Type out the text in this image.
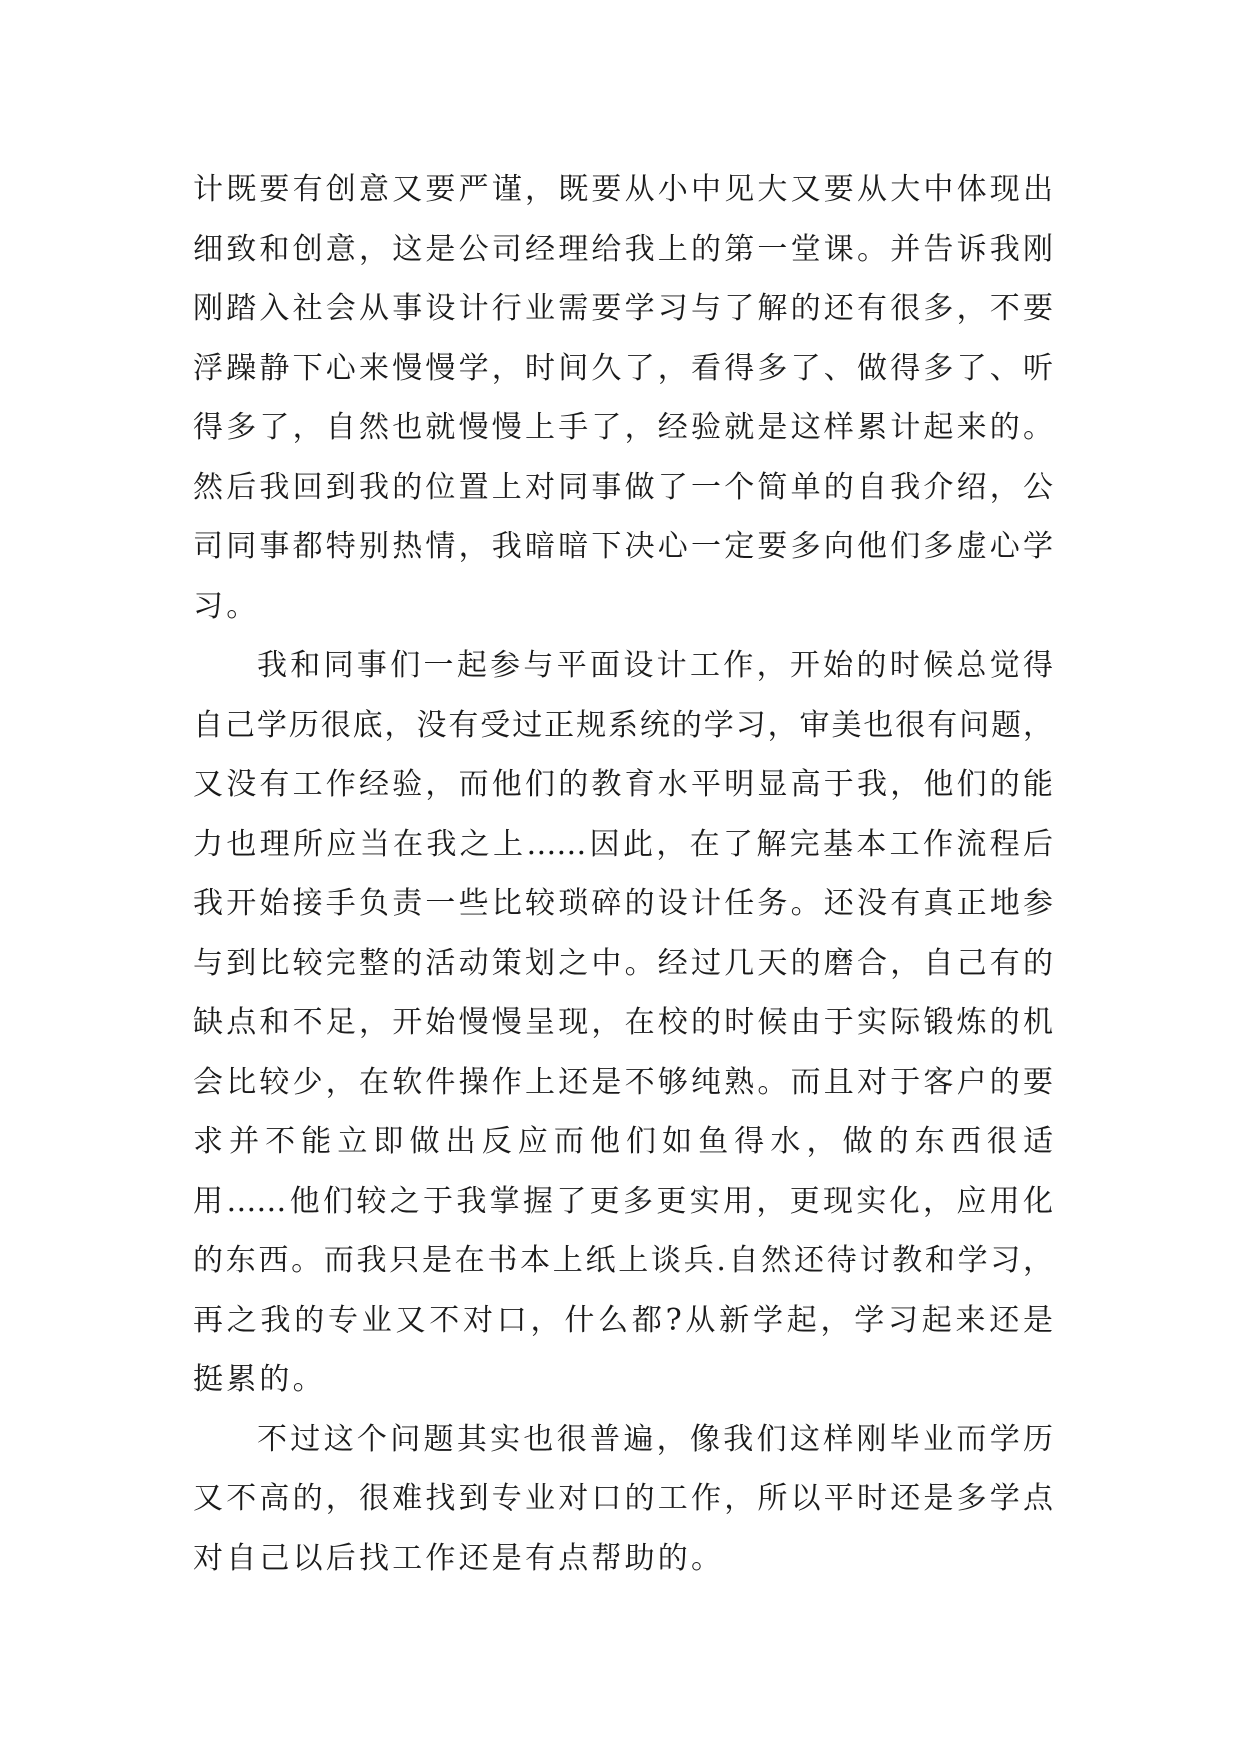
计既要有创意又要严谨，既要从小中见大又要从大中体现出
细致和创意，这是公司经理给我上的第一堂课。并告诉我刚
刚踏入社会从事设计行业需要学习与了解的还有很多，不要
浮躁静下心来慢慢学，时间久了，看得多了、做得多了、听
得多了，自然也就慢慢上手了，经验就是这样累计起来的。
然后我回到我的位置上对同事做了一个简单的自我介绍，公
司同事都特别热情，我暗暗下决心一定要多向他们多虚心学
习。
我和同事们一起参与平面设计工作，开始的时候总觉得
自己学历很底，没有受过正规系统的学习，审美也很有问题，
又没有工作经验，而他们的教育水平明显高于我，他们的能
力也理所应当在我之上……因此，在了解完基本工作流程后
我开始接手负责一些比较琐碎的设计任务。还没有真正地参
与到比较完整的活动策划之中。经过几天的磨合，自己有的
缺点和不足，开始慢慢呈现，在校的时候由于实际锻炼的机
会比较少，在软件操作上还是不够纯熟。而且对于客户的要
求并不能立即做出反应而他们如鱼得水，做的东西很适
用……他们较之于我掌握了更多更实用，更现实化，应用化
的东西。而我只是在书本上纸上谈兵.自然还待讨教和学习，
再之我的专业又不对口，什么都?从新学起，学习起来还是
挺累的。
不过这个问题其实也很普遍，像我们这样刚毕业而学历
又不高的，很难找到专业对口的工作，所以平时还是多学点
对自己以后找工作还是有点帮助的。
